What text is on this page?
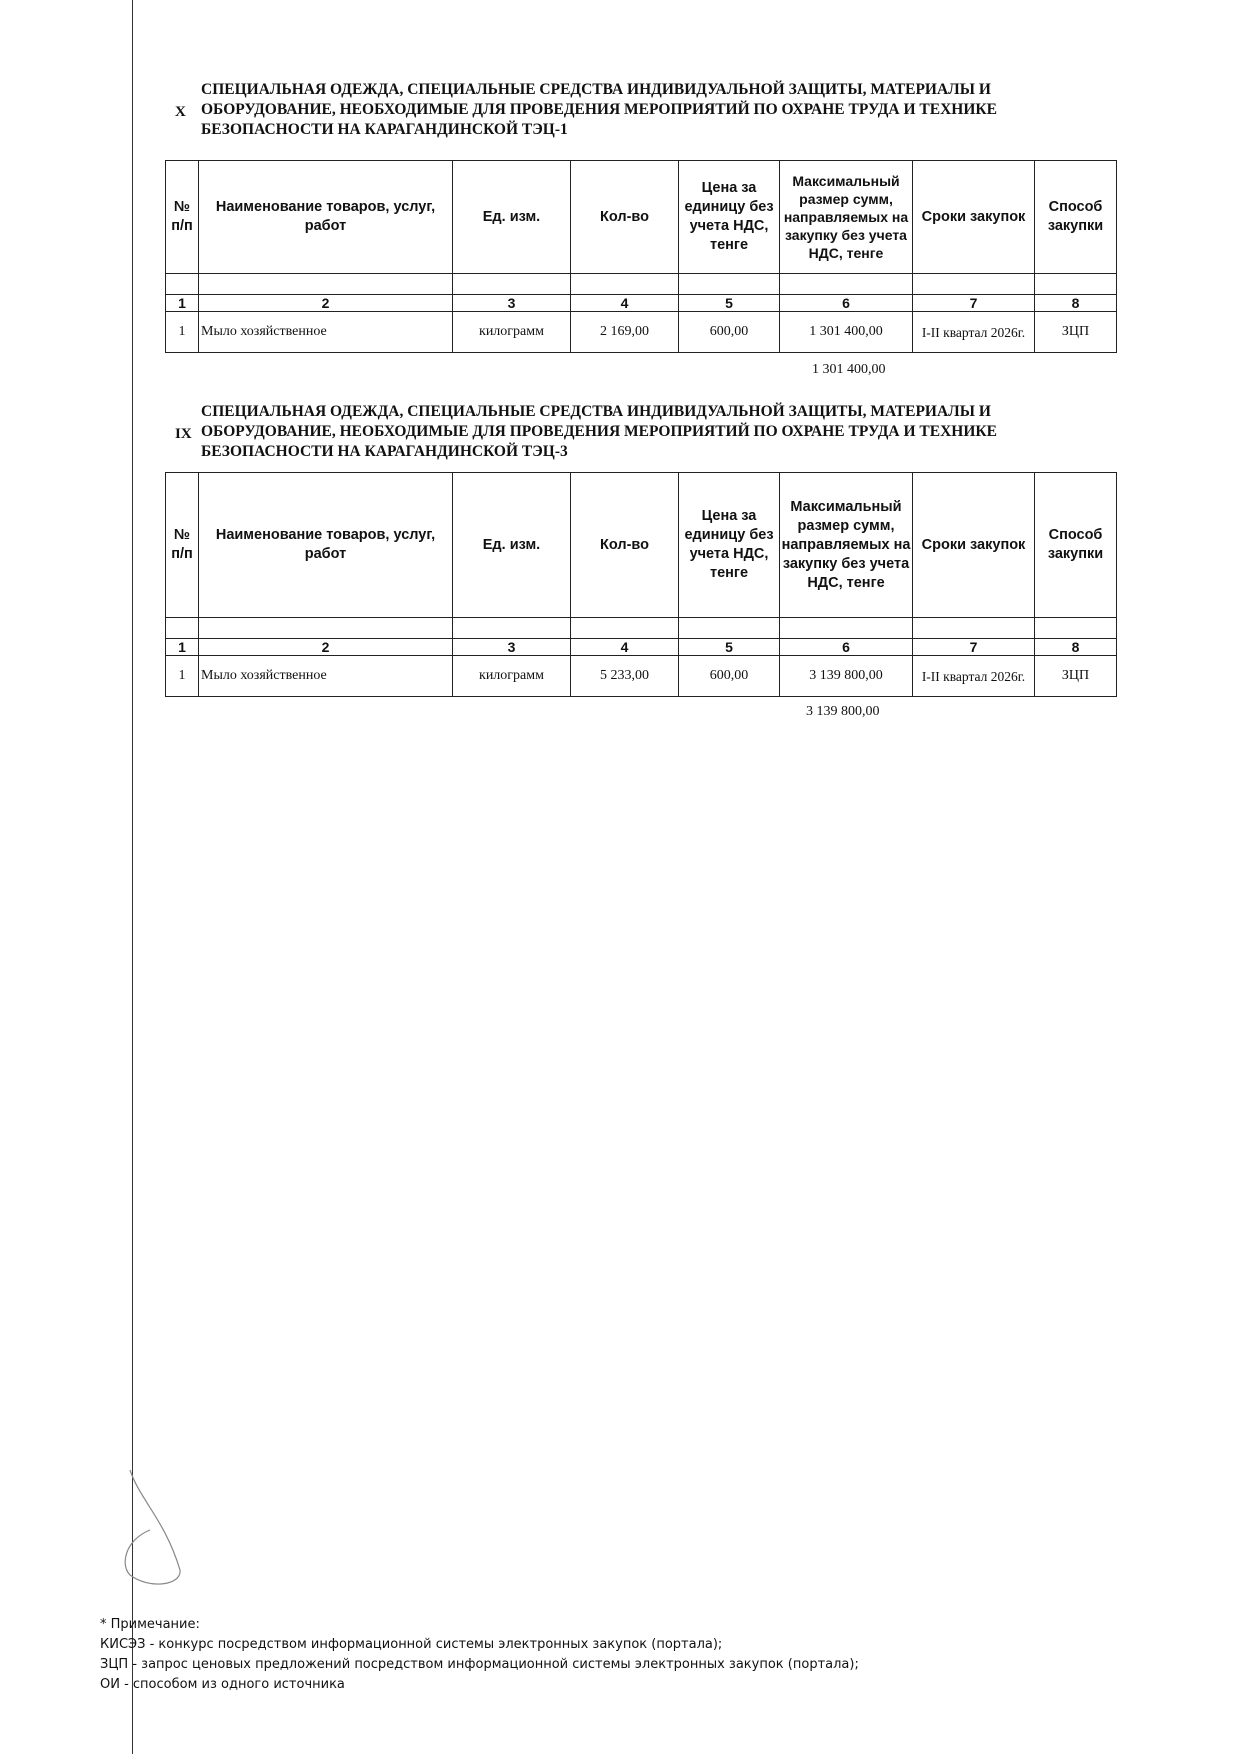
X
СПЕЦИАЛЬНАЯ ОДЕЖДА, СПЕЦИАЛЬНЫЕ СРЕДСТВА ИНДИВИДУАЛЬНОЙ ЗАЩИТЫ, МАТЕРИАЛЫ И ОБОРУДОВАНИЕ, НЕОБХОДИМЫЕ ДЛЯ ПРОВЕДЕНИЯ МЕРОПРИЯТИЙ ПО ОХРАНЕ ТРУДА И ТЕХНИКЕ БЕЗОПАСНОСТИ НА КАРАГАНДИНСКОЙ ТЭЦ-1
№ п/п	Наименование товаров, услуг, работ	Ед. изм.	Кол-во	Цена за единицу без учета НДС, тенге	Максимальный размер сумм, направляемых на закупку без учета НДС, тенге	Сроки закупок	Способ закупки

1	2	3	4	5	6	7	8
1	Мыло хозяйственное	килограмм	2 169,00	600,00	1 301 400,00	I-II квартал 2026г.	ЗЦП
1 301 400,00
IX
СПЕЦИАЛЬНАЯ ОДЕЖДА, СПЕЦИАЛЬНЫЕ СРЕДСТВА ИНДИВИДУАЛЬНОЙ ЗАЩИТЫ, МАТЕРИАЛЫ И ОБОРУДОВАНИЕ, НЕОБХОДИМЫЕ ДЛЯ ПРОВЕДЕНИЯ МЕРОПРИЯТИЙ ПО ОХРАНЕ ТРУДА И ТЕХНИКЕ БЕЗОПАСНОСТИ НА КАРАГАНДИНСКОЙ ТЭЦ-3
№ п/п	Наименование товаров, услуг, работ	Ед. изм.	Кол-во	Цена за единицу без учета НДС, тенге	Максимальный размер сумм, направляемых на закупку без учета НДС, тенге	Сроки закупок	Способ закупки

1	2	3	4	5	6	7	8
1	Мыло хозяйственное	килограмм	5 233,00	600,00	3 139 800,00	I-II квартал 2026г.	ЗЦП
3 139 800,00
* Примечание:
КИСЭЗ - конкурс посредством информационной системы электронных закупок (портала);
ЗЦП - запрос ценовых предложений посредством информационной системы электронных закупок (портала);
ОИ - способом из одного источника
